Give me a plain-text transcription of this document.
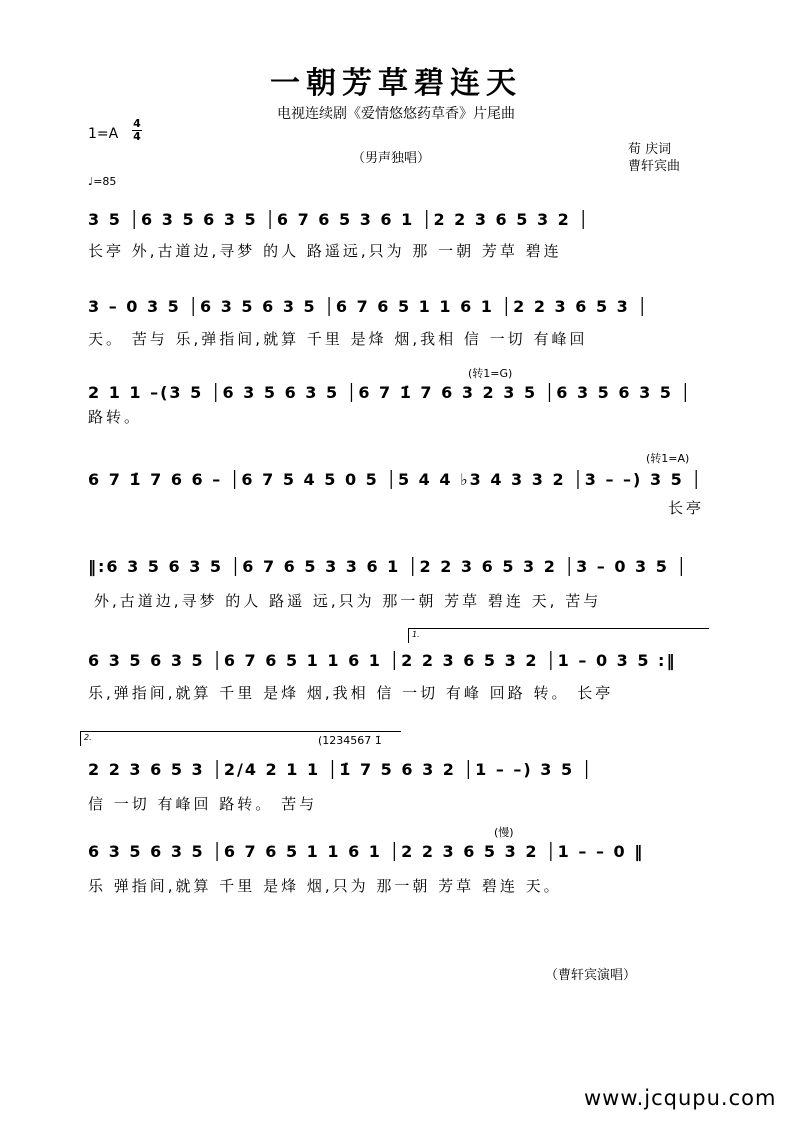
一朝芳草碧连天
电视连续剧《爱情悠悠药草香》片尾曲
1=A
4
4
（男声独唱）
荀 庆词
曹轩宾曲
♩=85
3 5 │6 3 5 6 3 5 │6 7 6 5 3 6 1 │2 2 3 6 5 3 2 │
长亭 外,古道边,寻梦 的人 路遥远,只为 那 一朝 芳草 碧连
3 – 0 3 5 │6 3 5 6 3 5 │6 7 6 5 1 1 6 1 │2 2 3 6 5 3 │
天。 苦与 乐,弹指间,就算 千里 是烽 烟,我相 信 一切 有峰回
(转1=G)
2 1 1 –(3 5 │6 3 5 6 3 5 │6 7 1̇ 7 6 3 2 3 5 │6 3 5 6 3 5 │
路转。
(转1=A)
6 7 1̇ 7 6 6 – │6 7 5 4 5 0 5 │5 4 4 ♭3 4 3 3 2 │3 – –) 3 5 │
长亭
‖:6 3 5 6 3 5 │6 7 6 5 3 3 6 1 │2 2 3 6 5 3 2 │3 – 0 3 5 │
外,古道边,寻梦 的人 路遥 远,只为 那一朝 芳草 碧连 天, 苦与
1.
6 3 5 6 3 5 │6 7 6 5 1 1 6 1 │2 2 3 6 5 3 2 │1 – 0 3 5 :‖
乐,弹指间,就算 千里 是烽 烟,我相 信 一切 有峰 回路 转。 长亭
2.	(1234567 1̇
2 2 3 6 5 3 │2/4 2 1 1 │1̇ 7 5 6 3 2 │1 – –) 3 5 │
信 一切 有峰回 路转。 苦与
(慢)
6 3 5 6 3 5 │6 7 6 5 1 1 6 1 │2 2 3 6 5 3 2 │1 – – 0 ‖
乐 弹指间,就算 千里 是烽 烟,只为 那一朝 芳草 碧连 天。
（曹轩宾演唱）
www.jcqupu.com
